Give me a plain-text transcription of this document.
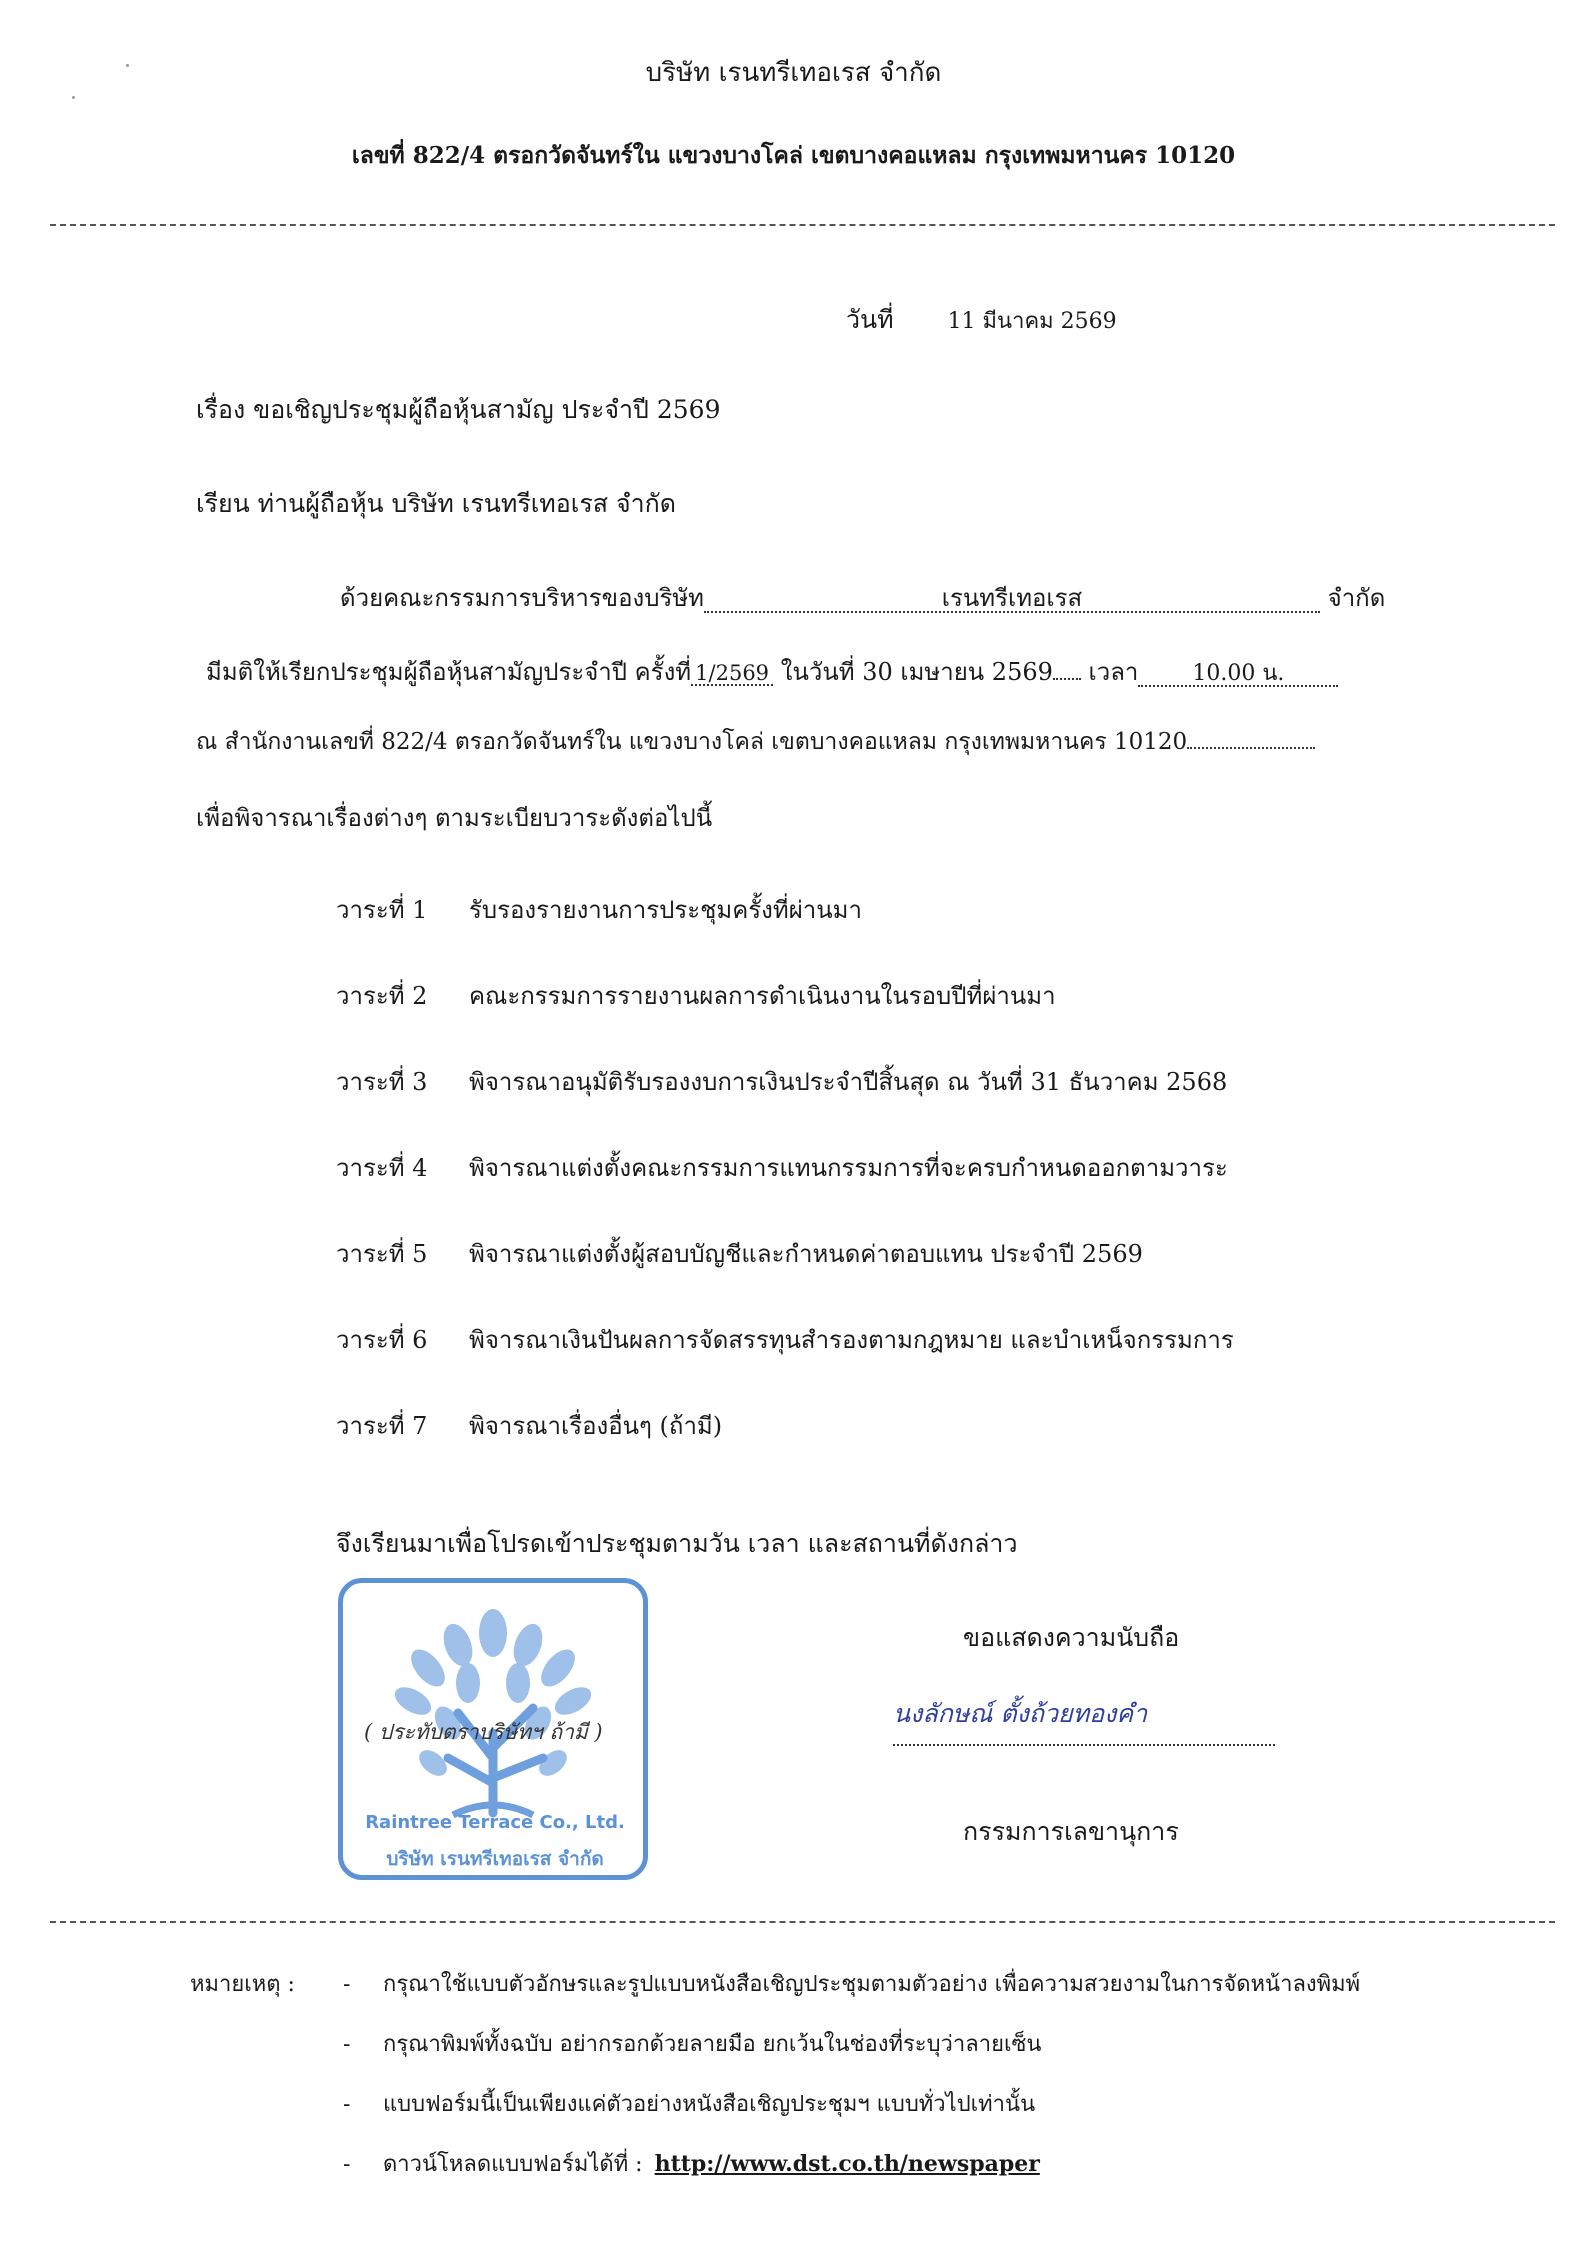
บริษัท เรนทรีเทอเรส จำกัด
เลขที่ 822/4 ตรอกวัดจันทร์ใน แขวงบางโคล่ เขตบางคอแหลม กรุงเทพมหานคร 10120
วันที่ 11 มีนาคม 2569
เรื่อง ขอเชิญประชุมผู้ถือหุ้นสามัญ ประจำปี 2569
เรียน ท่านผู้ถือหุ้น บริษัท เรนทรีเทอเรส จำกัด
ด้วยคณะกรรมการบริหารของบริษัท	เรนทรีเทอเรส	จำกัด
มีมติให้เรียกประชุมผู้ถือหุ้นสามัญประจำปี ครั้งที่ 1/2569 ในวันที่ 30 เมษายน 2569 เวลา 10.00 น.
ณ สำนักงานเลขที่ 822/4 ตรอกวัดจันทร์ใน แขวงบางโคล่ เขตบางคอแหลม กรุงเทพมหานคร 10120
เพื่อพิจารณาเรื่องต่างๆ ตามระเบียบวาระดังต่อไปนี้
วาระที่ 1 รับรองรายงานการประชุมครั้งที่ผ่านมา
วาระที่ 2 คณะกรรมการรายงานผลการดำเนินงานในรอบปีที่ผ่านมา
วาระที่ 3 พิจารณาอนุมัติรับรองงบการเงินประจำปีสิ้นสุด ณ วันที่ 31 ธันวาคม 2568
วาระที่ 4 พิจารณาแต่งตั้งคณะกรรมการแทนกรรมการที่จะครบกำหนดออกตามวาระ
วาระที่ 5 พิจารณาแต่งตั้งผู้สอบบัญชีและกำหนดค่าตอบแทน ประจำปี 2569
วาระที่ 6 พิจารณาเงินปันผลการจัดสรรทุนสำรองตามกฎหมาย และบำเหน็จกรรมการ
วาระที่ 7 พิจารณาเรื่องอื่นๆ (ถ้ามี)
จึงเรียนมาเพื่อโปรดเข้าประชุมตามวัน เวลา และสถานที่ดังกล่าว
( ประทับตราบริษัทฯ ถ้ามี )
Raintree Terrace Co., Ltd.
บริษัท เรนทรีเทอเรส จำกัด
ขอแสดงความนับถือ
นงลักษณ์ ตั้งถ้วยทองคำ
กรรมการเลขานุการ
หมายเหตุ : - กรุณาใช้แบบตัวอักษรและรูปแบบหนังสือเชิญประชุมตามตัวอย่าง เพื่อความสวยงามในการจัดหน้าลงพิมพ์
- กรุณาพิมพ์ทั้งฉบับ อย่ากรอกด้วยลายมือ ยกเว้นในช่องที่ระบุว่าลายเซ็น
- แบบฟอร์มนี้เป็นเพียงแค่ตัวอย่างหนังสือเชิญประชุมฯ แบบทั่วไปเท่านั้น
- ดาวน์โหลดแบบฟอร์มได้ที่ : http://www.dst.co.th/newspaper
